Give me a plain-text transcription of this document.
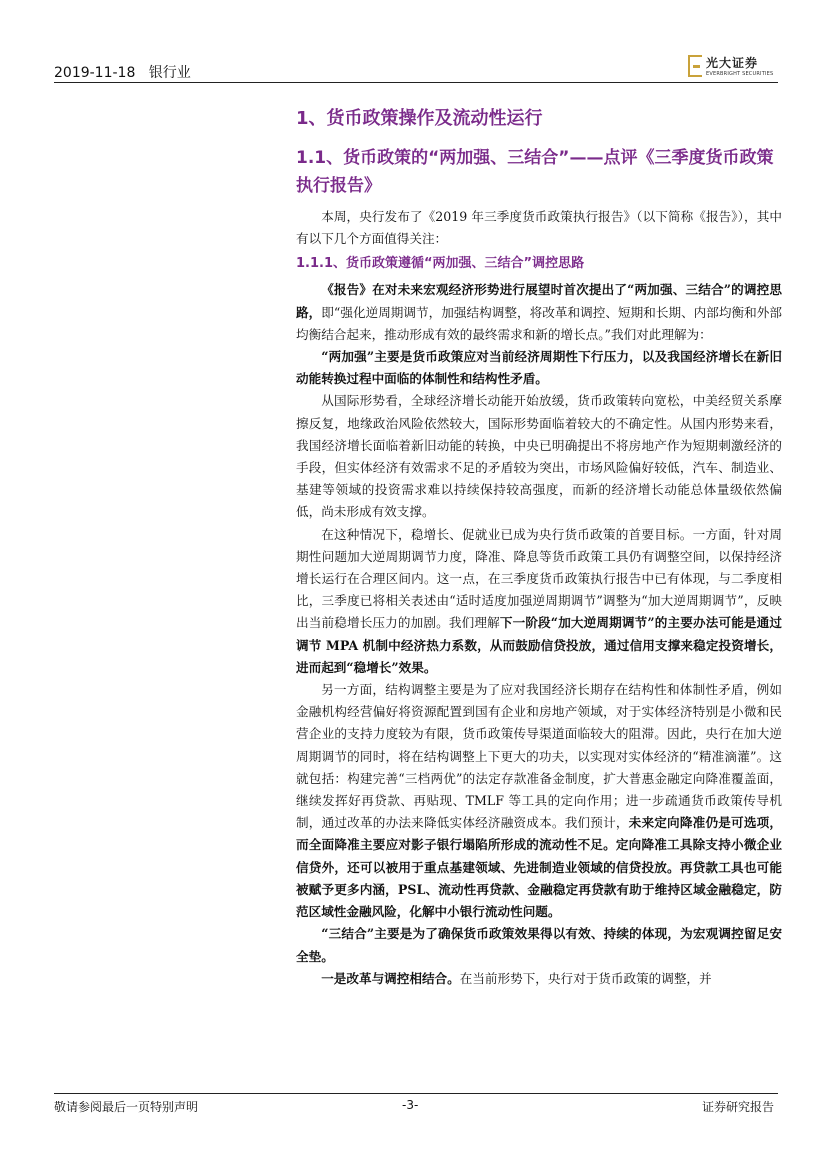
2019-11-18 银行业
光大证券
EVERBRIGHT SECURITIES
1、货币政策操作及流动性运行
1.1、货币政策的“两加强、三结合”——点评《三季度货币政策执行报告》

本周，央行发布了《2019 年三季度货币政策执行报告》（以下简称《报告》），其中有以下几个方面值得关注：

1.1.1、货币政策遵循“两加强、三结合”调控思路

《报告》在对未来宏观经济形势进行展望时首次提出了“两加强、三结合”的调控思路，即“强化逆周期调节，加强结构调整，将改革和调控、短期和长期、内部均衡和外部均衡结合起来，推动形成有效的最终需求和新的增长点。”我们对此理解为：

“两加强”主要是货币政策应对当前经济周期性下行压力，以及我国经济增长在新旧动能转换过程中面临的体制性和结构性矛盾。

从国际形势看，全球经济增长动能开始放缓，货币政策转向宽松，中美经贸关系摩擦反复，地缘政治风险依然较大，国际形势面临着较大的不确定性。从国内形势来看，我国经济增长面临着新旧动能的转换，中央已明确提出不将房地产作为短期刺激经济的手段，但实体经济有效需求不足的矛盾较为突出，市场风险偏好较低，汽车、制造业、基建等领域的投资需求难以持续保持较高强度，而新的经济增长动能总体量级依然偏低，尚未形成有效支撑。

在这种情况下，稳增长、促就业已成为央行货币政策的首要目标。一方面，针对周期性问题加大逆周期调节力度，降准、降息等货币政策工具仍有调整空间，以保持经济增长运行在合理区间内。这一点，在三季度货币政策执行报告中已有体现，与二季度相比，三季度已将相关表述由“适时适度加强逆周期调节”调整为“加大逆周期调节”，反映出当前稳增长压力的加剧。我们理解下一阶段“加大逆周期调节”的主要办法可能是通过调节 MPA 机制中经济热力系数，从而鼓励信贷投放，通过信用支撑来稳定投资增长，进而起到“稳增长”效果。

另一方面，结构调整主要是为了应对我国经济长期存在结构性和体制性矛盾，例如金融机构经营偏好将资源配置到国有企业和房地产领域，对于实体经济特别是小微和民营企业的支持力度较为有限，货币政策传导渠道面临较大的阻滞。因此，央行在加大逆周期调节的同时，将在结构调整上下更大的功夫，以实现对实体经济的“精准滴灌”。这就包括：构建完善“三档两优”的法定存款准备金制度，扩大普惠金融定向降准覆盖面，继续发挥好再贷款、再贴现、TMLF 等工具的定向作用；进一步疏通货币政策传导机制，通过改革的办法来降低实体经济融资成本。我们预计，未来定向降准仍是可选项，而全面降准主要应对影子银行塌陷所形成的流动性不足。定向降准工具除支持小微企业信贷外，还可以被用于重点基建领域、先进制造业领域的信贷投放。再贷款工具也可能被赋予更多内涵，PSL、流动性再贷款、金融稳定再贷款有助于维持区域金融稳定，防范区域性金融风险，化解中小银行流动性问题。

“三结合”主要是为了确保货币政策效果得以有效、持续的体现，为宏观调控留足安全垫。

一是改革与调控相结合。在当前形势下，央行对于货币政策的调整，并

敬请参阅最后一页特别声明	-3-	证券研究报告
